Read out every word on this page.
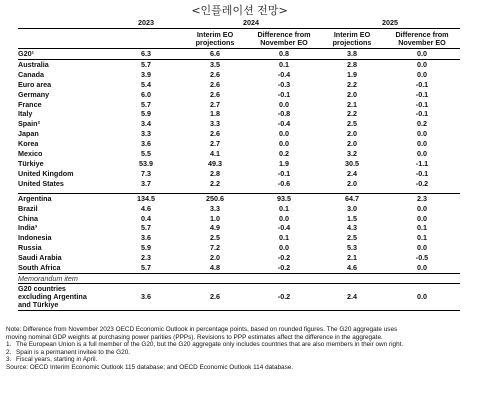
<인플레이션 전망>
	2023	2024		2025	
		Interim EO projections	Difference from November EO	Interim EO projections	Difference from November EO
G20¹	6.3	6.6	0.8	3.8	0.0
Australia	5.7	3.5	0.1	2.8	0.0
Canada	3.9	2.6	-0.4	1.9	0.0
Euro area	5.4	2.6	-0.3	2.2	-0.1
Germany	6.0	2.6	-0.1	2.0	-0.1
France	5.7	2.7	0.0	2.1	-0.1
Italy	5.9	1.8	-0.8	2.2	-0.1
Spain²	3.4	3.3	-0.4	2.5	0.2
Japan	3.3	2.6	0.0	2.0	0.0
Korea	3.6	2.7	0.0	2.0	0.0
Mexico	5.5	4.1	0.2	3.2	0.0
Türkiye	53.9	49.3	1.9	30.5	-1.1
United Kingdom	7.3	2.8	-0.1	2.4	-0.1
United States	3.7	2.2	-0.6	2.0	-0.2

Argentina	134.5	250.6	93.5	64.7	2.3
Brazil	4.6	3.3	0.1	3.0	0.0
China	0.4	1.0	0.0	1.5	0.0
India³	5.7	4.9	-0.4	4.3	0.1
Indonesia	3.6	2.5	0.1	2.5	0.1
Russia	5.9	7.2	0.0	5.3	0.0
Saudi Arabia	2.3	2.0	-0.2	2.1	-0.5
South Africa	5.7	4.8	-0.2	4.6	0.0
Memorandum item					

G20 countries
excluding Argentina
and Türkiye	3.6	2.6	-0.2	2.4	0.0
Note: Difference from November 2023 OECD Economic Outlook in percentage points, based on rounded figures. The G20 aggregate uses
moving nominal GDP weights at purchasing power parities (PPPs). Revisions to PPP estimates affect the difference in the aggregate.
1. The European Union is a full member of the G20, but the G20 aggregate only includes countries that are also members in their own right.
2. Spain is a permanent invitee to the G20.
3. Fiscal years, starting in April.
Source: OECD Interim Economic Outlook 115 database; and OECD Economic Outlook 114 database.
